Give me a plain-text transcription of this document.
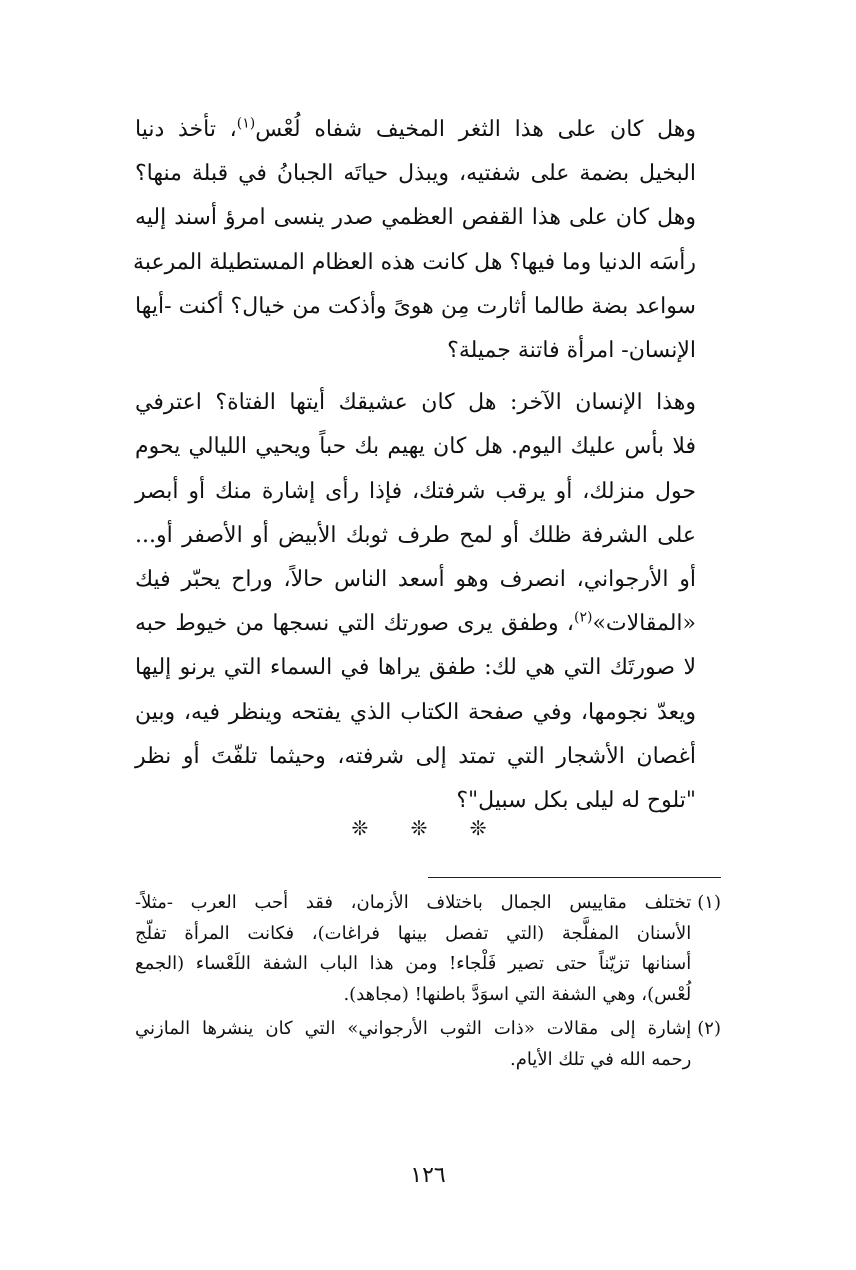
وهل كان على هذا الثغر المخيف شفاه لُعْس$^{(١)}$، تأخذ دنيا
البخيل بضمة على شفتيه، ويبذل حياتَه الجبانُ في قبلة منها؟
وهل كان على هذا القفص العظمي صدر ينسى امرؤ أسند إليه
رأسَه الدنيا وما فيها؟ هل كانت هذه العظام المستطيلة المرعبة
سواعد بضة طالما أثارت مِن هوىً وأذكت من خيال؟ أكنت -أيها
الإنسان- امرأة فاتنة جميلة؟

وهذا الإنسان الآخر: هل كان عشيقك أيتها الفتاة؟ اعترفي
فلا بأس عليك اليوم. هل كان يهيم بك حباً ويحيي الليالي يحوم
حول منزلك، أو يرقب شرفتك، فإذا رأى إشارة منك أو أبصر
على الشرفة ظلك أو لمح طرف ثوبك الأبيض أو الأصفر أو...
أو الأرجواني، انصرف وهو أسعد الناس حالاً، وراح يحبّر فيك
«المقالات»$^{(٢)}$، وطفق يرى صورتك التي نسجها من خيوط حبه
لا صورتَك التي هي لك: طفق يراها في السماء التي يرنو إليها
ويعدّ نجومها، وفي صفحة الكتاب الذي يفتحه وينظر فيه، وبين
أغصان الأشجار التي تمتد إلى شرفته، وحيثما تلفّتَ أو نظر
"تلوح له ليلى بكل سبيل"؟

❊ ❊ ❊
(١)
تختلف مقاييس الجمال باختلاف الأزمان، فقد أحب العرب -مثلاً-
الأسنان المفلَّجة (التي تفصل بينها فراغات)، فكانت المرأة تفلّج
أسنانها تزيّناً حتى تصير فَلْجاء! ومن هذا الباب الشفة اللَعْساء (الجمع
لُعْس)، وهي الشفة التي اسوَدَّ باطنها! (مجاهد).
(٢)
إشارة إلى مقالات «ذات الثوب الأرجواني» التي كان ينشرها المازني
رحمه الله في تلك الأيام.
١٢٦
